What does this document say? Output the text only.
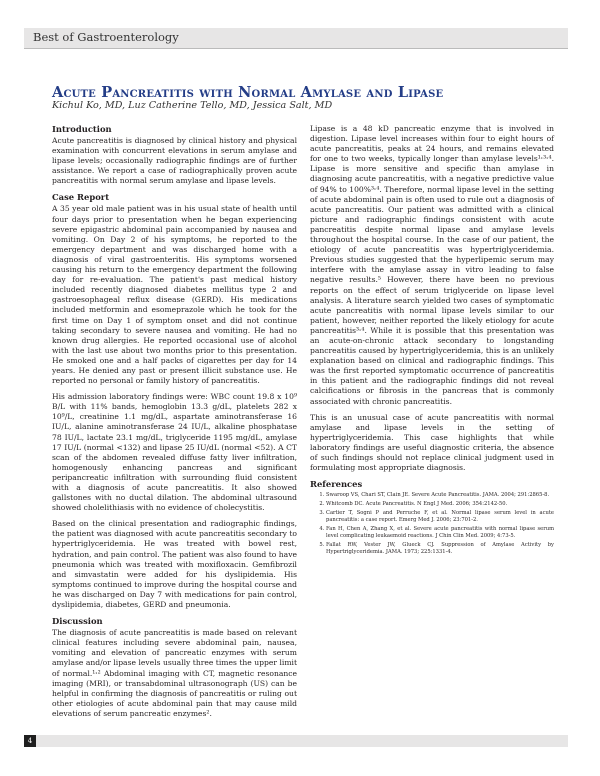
Best of Gastroenterology
Acute Pancreatitis with Normal Amylase and Lipase

Kichul Ko, MD, Luz Catherine Tello, MD, Jessica Salt, MD

Introduction

Acute pancreatitis is diagnosed by clinical history and physical examination with concurrent elevations in serum amylase and lipase levels; occasionally radiographic findings are of further assistance. We report a case of radiographically proven acute pancreatitis with normal serum amylase and lipase levels.

Case Report

A 35 year old male patient was in his usual state of health until four days prior to presentation when he began experiencing severe epigastric abdominal pain accompanied by nausea and vomiting. On Day 2 of his symptoms, he reported to the emergency department and was discharged home with a diagnosis of viral gastroenteritis. His symptoms worsened causing his return to the emergency department the following day for re-evaluation. The patient's past medical history included recently diagnosed diabetes mellitus type 2 and gastroesophageal reflux disease (GERD). His medications included metformin and esomeprazole which he took for the first time on Day 1 of symptom onset and did not continue taking secondary to severe nausea and vomiting. He had no known drug allergies. He reported occasional use of alcohol with the last use about two months prior to this presentation. He smoked one and a half packs of cigarettes per day for 14 years. He denied any past or present illicit substance use. He reported no personal or family history of pancreatitis.

His admission laboratory findings were: WBC count 19.8 x 10⁹ B/L with 11% bands, hemoglobin 13.3 g/dL, platelets 282 x 10⁹/L, creatinine 1.1 mg/dL, aspartate aminotransferase 16 IU/L, alanine aminotransferase 24 IU/L, alkaline phosphatase 78 IU/L, lactate 23.1 mg/dL, triglyceride 1195 mg/dL, amylase 17 IU/L (normal <132) and lipase 25 IU/dL (normal <52). A CT scan of the abdomen revealed diffuse fatty liver infiltration, homogenously enhancing pancreas and significant peripancreatic infiltration with surrounding fluid consistent with a diagnosis of acute pancreatitis. It also showed gallstones with no ductal dilation. The abdominal ultrasound showed cholelithiasis with no evidence of cholecystitis.

Based on the clinical presentation and radiographic findings, the patient was diagnosed with acute pancreatitis secondary to hypertriglyceridemia. He was treated with bowel rest, hydration, and pain control. The patient was also found to have pneumonia which was treated with moxifloxacin. Gemfibrozil and simvastatin were added for his dyslipidemia. His symptoms continued to improve during the hospital course and he was discharged on Day 7 with medications for pain control, dyslipidemia, diabetes, GERD and pneumonia.

Discussion

The diagnosis of acute pancreatitis is made based on relevant clinical features including severe abdominal pain, nausea, vomiting and elevation of pancreatic enzymes with serum amylase and/or lipase levels usually three times the upper limit of normal.¹˒² Abdominal imaging with CT, magnetic resonance imaging (MRI), or transabdominal ultrasonograph (US) can be helpful in confirming the diagnosis of pancreatitis or ruling out other etiologies of acute abdominal pain that may cause mild elevations of serum pancreatic enzymes².

Lipase is a 48 kD pancreatic enzyme that is involved in digestion. Lipase level increases within four to eight hours of acute pancreatitis, peaks at 24 hours, and remains elevated for one to two weeks, typically longer than amylase levels¹˒³˒⁴. Lipase is more sensitive and specific than amylase in diagnosing acute pancreatitis, with a negative predictive value of 94% to 100%³˒⁴. Therefore, normal lipase level in the setting of acute abdominal pain is often used to rule out a diagnosis of acute pancreatitis. Our patient was admitted with a clinical picture and radiographic findings consistent with acute pancreatitis despite normal lipase and amylase levels throughout the hospital course. In the case of our patient, the etiology of acute pancreatitis was hypertriglyceridemia. Previous studies suggested that the hyperlipemic serum may interfere with the amylase assay in vitro leading to false negative results.⁵ However, there have been no previous reports on the effect of serum triglyceride on lipase level analysis. A literature search yielded two cases of symptomatic acute pancreatitis with normal lipase levels similar to our patient, however, neither reported the likely etiology for acute pancreatitis³˒⁴. While it is possible that this presentation was an acute-on-chronic attack secondary to longstanding pancreatitis caused by hypertriglyceridemia, this is an unlikely explanation based on clinical and radiographic findings. This was the first reported symptomatic occurrence of pancreatitis in this patient and the radiographic findings did not reveal calcifications or fibrosis in the pancreas that is commonly associated with chronic pancreatitis.

This is an unusual case of acute pancreatitis with normal amylase and lipase levels in the setting of hypertriglyceridemia. This case highlights that while laboratory findings are useful diagnostic criteria, the absence of such findings should not replace clinical judgment used in formulating most appropriate diagnosis.

References
1. Swaroop VS, Chari ST, Clain JE. Severe Acute Pancreatitis. JAMA. 2004; 291:2865-8.
2. Whitcomb DC. Acute Pancreatitis. N Engl J Med. 2006; 354:2142-50.
3. Cartier T, Sogni P and Perruche F, et al. Normal lipase serum level in acute pancreatitis: a case report. Emerg Med J. 2006; 23:701-2.
4. Fan H, Chen A, Zhang X, et al. Severe acute pancreatitis with normal lipase serum level complicating leukaemoid reactions. J Chin Clin Med. 2009; 4:73-5.
5. Fallat RW, Vester JW, Glueck CJ. Suppression of Amylase Activity by Hypertriglyceridemia. JAMA. 1973; 225:1331-4.
4
